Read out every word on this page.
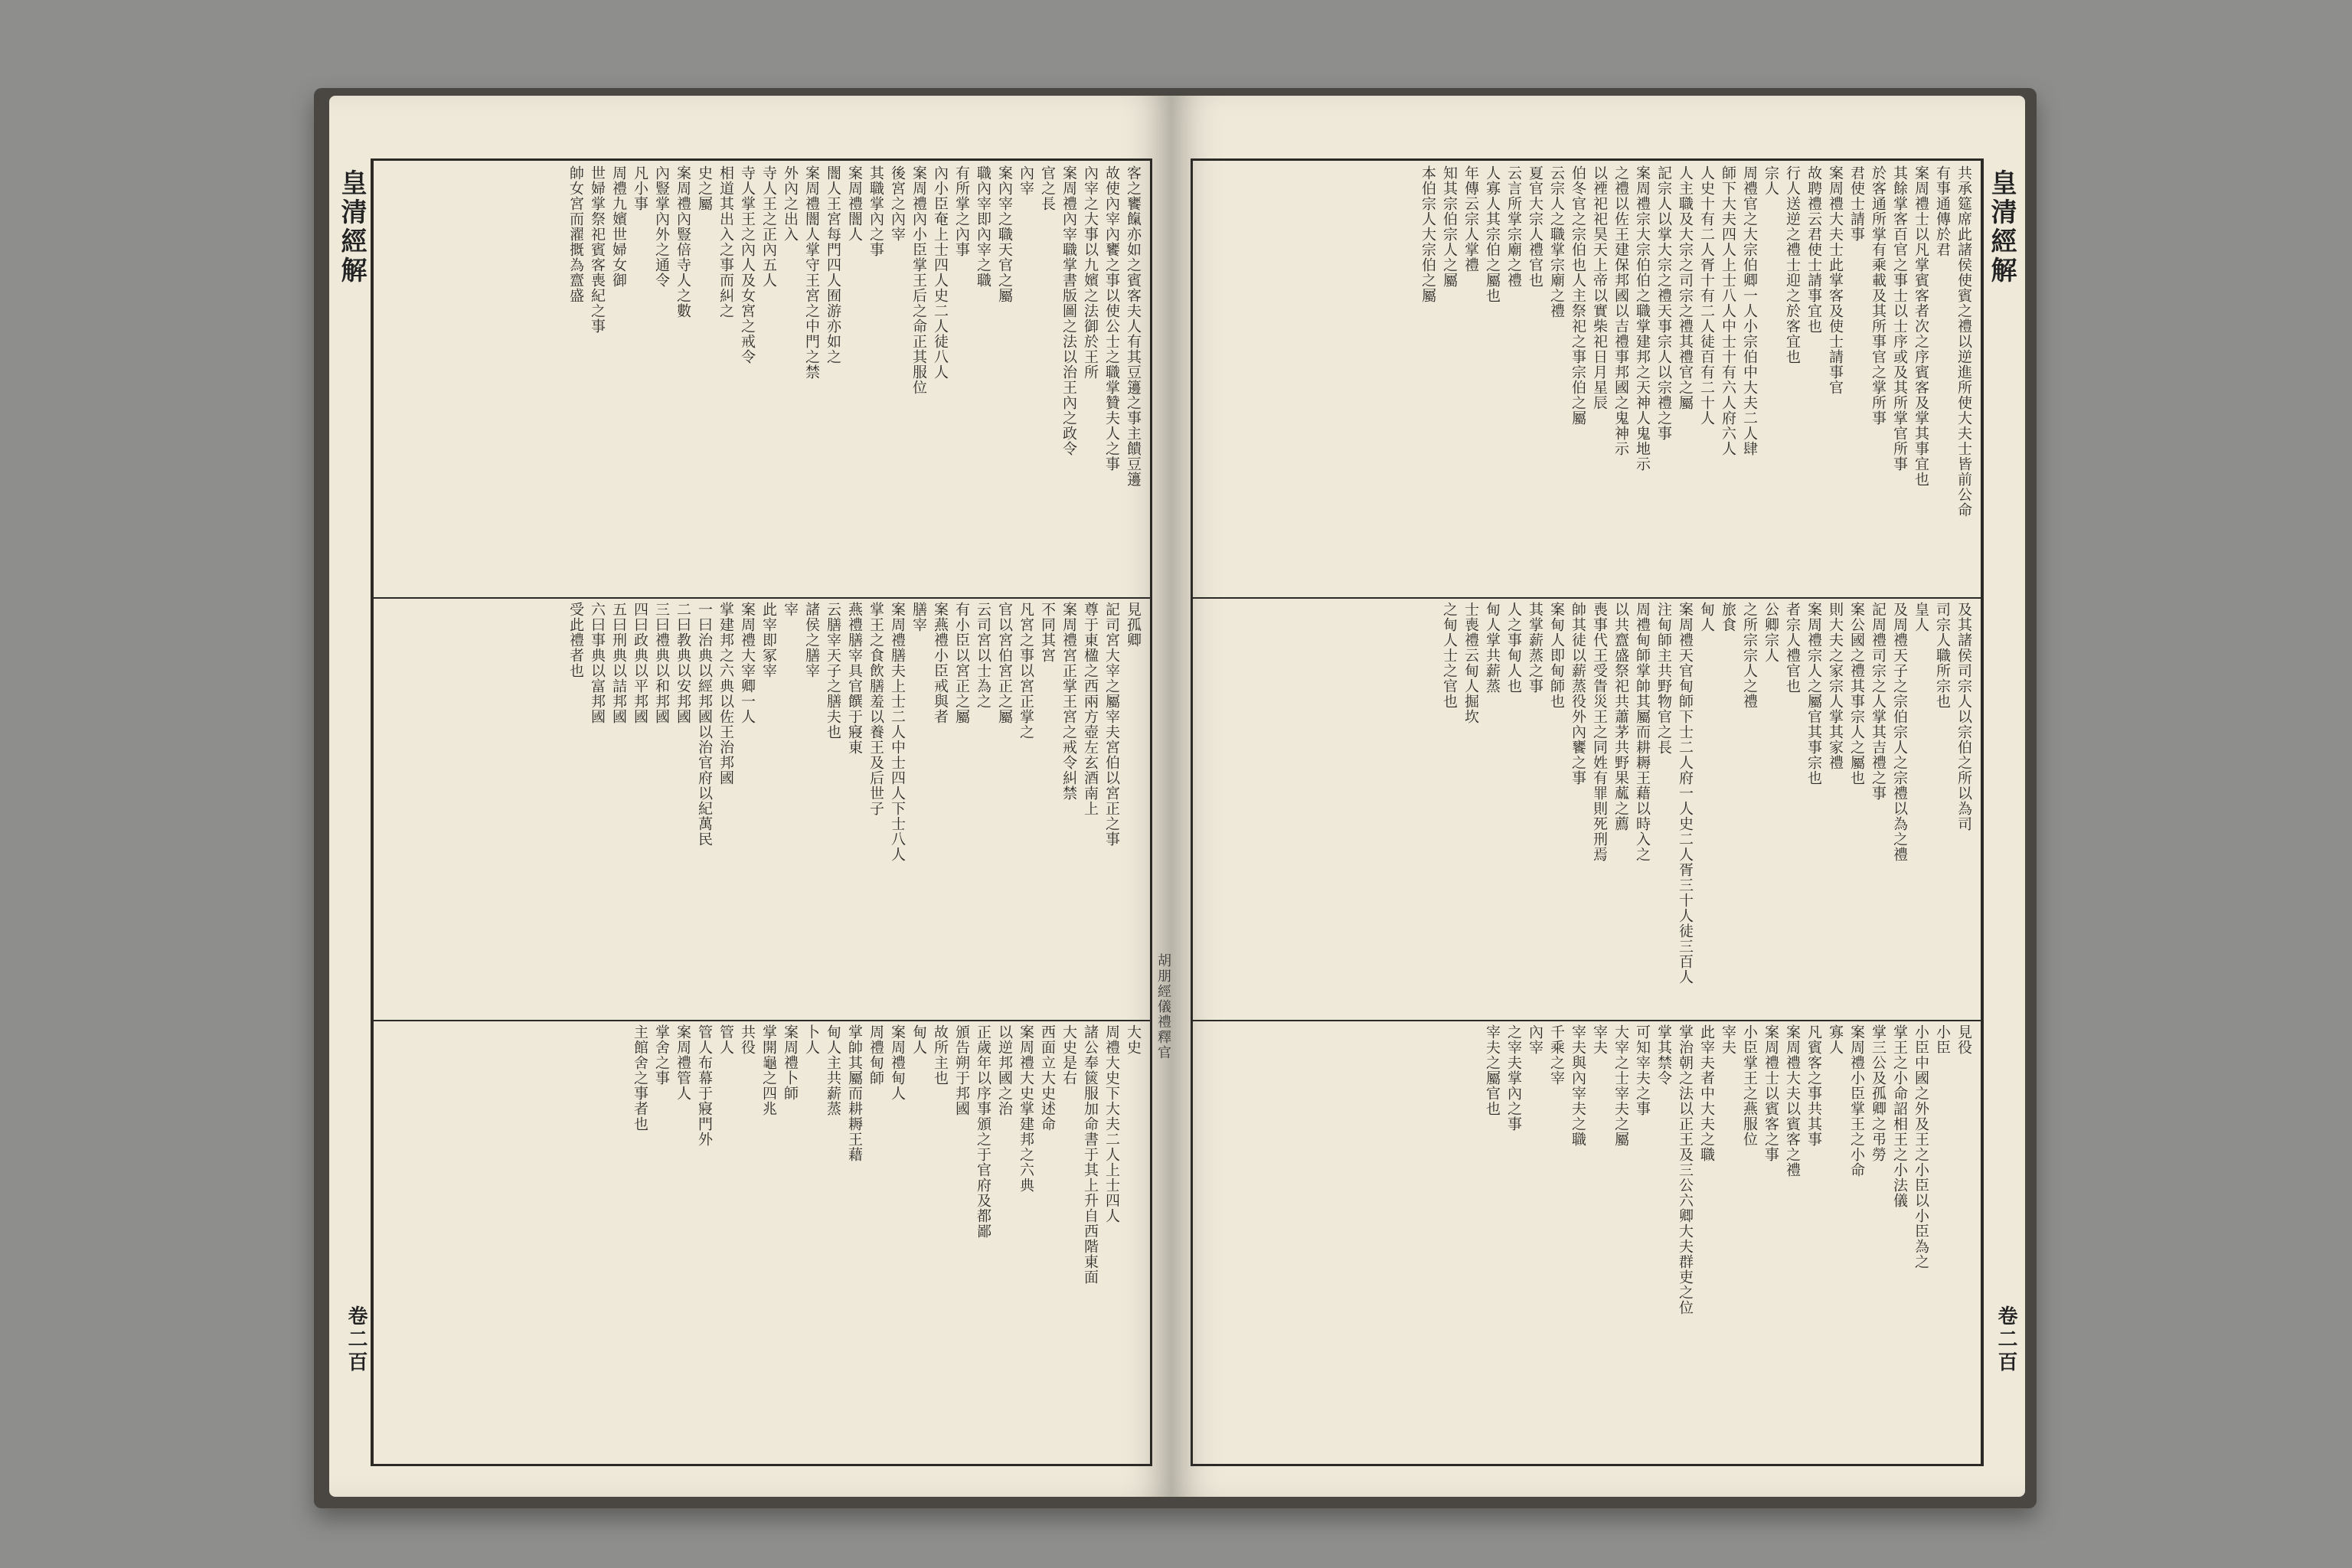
皇清經解
卷二百
客之饔餼亦如之賓客夫人有其豆籩之事主饋豆籩
故使內宰內饔之事以使公士之職掌贊夫人之事
內宰之大事以九嬪之法御於王所
案周禮內宰職掌書版圖之法以治王內之政令
官之長
內宰
案內宰之職天官之屬
職內宰即內宰之職
有所掌之內事
內小臣奄上士四人史二人徒八人
案周禮內小臣掌王后之命正其服位
後宮之內宰
其職掌內之事
案周禮闇人
闇人王宮每門四人囿游亦如之
案周禮闇人掌守王宮之中門之禁
外內之出入
寺人王之正內五人
寺人掌王之內人及女宮之戒令
相道其出入之事而糾之
史之屬
案周禮內豎倍寺人之數
內豎掌內外之通令
凡小事
周禮九嬪世婦女御
世婦掌祭祀賓客喪紀之事
帥女宮而濯摡為齍盛
見孤卿
記司宮大宰之屬宰夫宮伯以宮正之事
尊于東楹之西兩方壺左玄酒南上
案周禮宮正掌王宮之戒令糾禁
不同其宮
凡宮之事以宮正掌之
官以宮伯宮正之屬
云司宮以士為之
有小臣以宮正之屬
案燕禮小臣戒與者
膳宰
案周禮膳夫上士二人中士四人下士八人
掌王之食飲膳羞以養王及后世子
燕禮膳宰具官饌于寢東
云膳宰天子之膳夫也
諸侯之膳宰
宰
此宰即冢宰
案周禮大宰卿一人
掌建邦之六典以佐王治邦國
一曰治典以經邦國以治官府以紀萬民
二曰教典以安邦國
三曰禮典以和邦國
四曰政典以平邦國
五曰刑典以詰邦國
六曰事典以富邦國
受此禮者也
大史
周禮大史下大夫二人上士四人
諸公奉篋服加命書于其上升自西階東面
大史是右
西面立大史述命
案周禮大史掌建邦之六典
以逆邦國之治
正歲年以序事頒之于官府及都鄙
頒告朔于邦國
故所主也
甸人
案周禮甸人
周禮甸師
掌帥其屬而耕耨王藉
甸人主共薪蒸
卜人
案周禮卜師
掌開龜之四兆
共役
管人
管人布幕于寢門外
案周禮管人
掌舍之事
主館舍之事者也
胡朋經儀禮釋官
皇清經解
卷二百
共承筵席此諸侯使賓之禮以逆進所使大夫士皆前公命
有事通傳於君
案周禮士以凡掌賓客者次之序賓客及掌其事宜也
其餘掌客百官之事士以士序或及其所掌官所事
於客通所掌有乘載及其所事官之掌所事
君使士請事
案周禮大夫士此掌客及使士請事官
故聘禮云君使士請事宜也
行人送逆之禮士迎之於客宜也
宗人
周禮官之大宗伯卿一人小宗伯中大夫二人肆
師下大夫四人上士八人中士十有六人府六人
人史十有二人胥十有二人徒百有二十人
人主職及大宗之司宗之禮其禮官之屬
記宗人以掌大宗之禮天事宗人以宗禮之事
案周禮宗大宗伯伯之職掌建邦之天神人鬼地示
之禮以佐王建保邦國以吉禮事邦國之鬼神示
以禋祀祀昊天上帝以實柴祀日月星辰
伯冬官之宗伯也人主祭祀之事宗伯之屬
云宗人之職掌宗廟之禮
夏官大宗人禮官也
云言所掌宗廟之禮
人寡人其宗伯之屬也
年傳云宗人掌禮
知其宗伯宗人之屬
本伯宗人大宗伯之屬
及其諸侯司宗人以宗伯之所以為司
司宗人職所宗也
皇人
及周禮天子之宗伯宗人之宗禮以為之禮
記周禮司宗之人掌其吉禮之事
案公國之禮其事宗人之屬也
則大夫之家宗人掌其家禮
案周禮宗人之屬官其事宗也
者宗人禮官也
公卿宗人
之所宗宗人之禮
旅食
甸人
案周禮天官甸師下士二人府一人史二人胥三十人徒三百人
注甸師主共野物官之長
周禮甸師掌帥其屬而耕耨王藉以時入之
以共齍盛祭祀共蕭茅共野果蓏之薦
喪事代王受眚災王之同姓有罪則死刑焉
帥其徒以薪蒸役外內饔之事
案甸人即甸師也
其掌薪蒸之事
人之事甸人也
甸人掌共薪蒸
士喪禮云甸人掘坎
之甸人士之官也
見役
小臣
小臣中國之外及王之小臣以小臣為之
掌王之小命詔相王之小法儀
掌三公及孤卿之弔勞
案周禮小臣掌王之小命
寡人
凡賓客之事共其事
案周禮大夫以賓客之禮
案周禮士以賓客之事
小臣掌王之燕服位
宰夫
此宰夫者中大夫之職
掌治朝之法以正王及三公六卿大夫群吏之位
掌其禁令
可知宰夫之事
大宰之士宰夫之屬
宰夫
宰夫與內宰夫之職
千乘之宰
內宰
之宰夫掌內之事
宰夫之屬官也
